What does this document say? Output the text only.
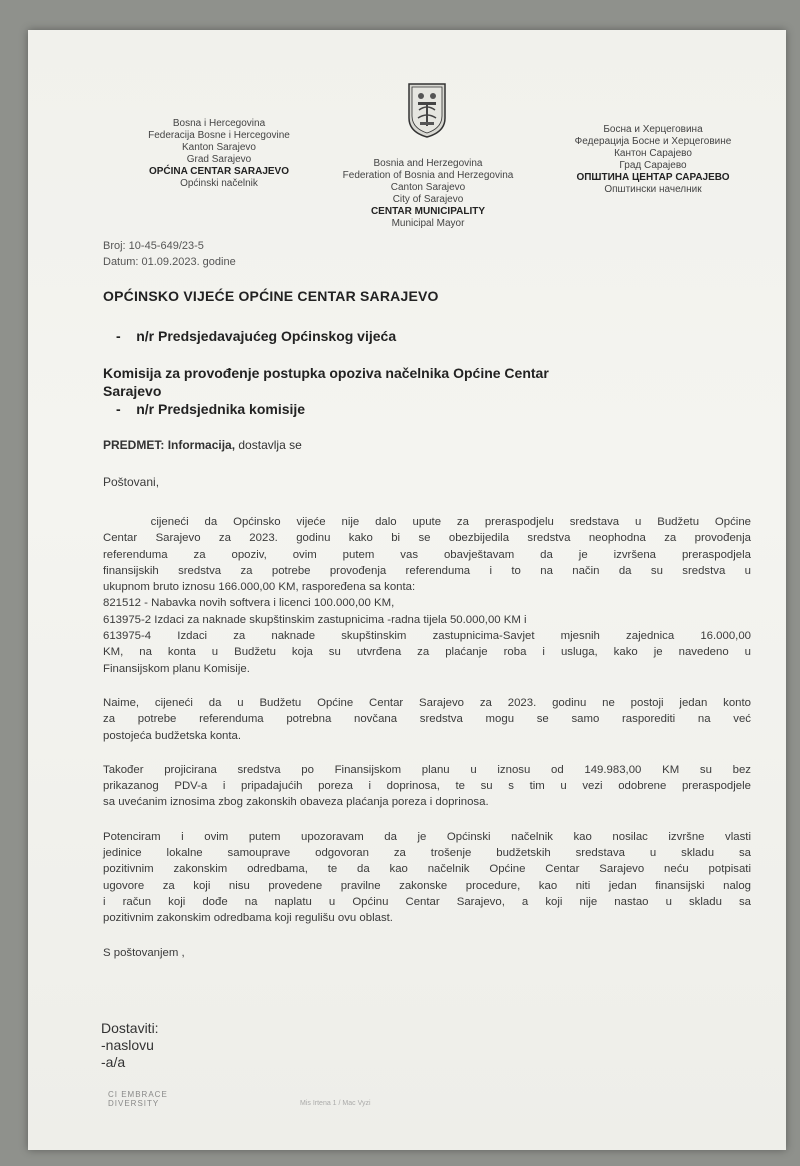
Bosna i Hercegovina
Federacija Bosne i Hercegovine
Kanton Sarajevo
Grad Sarajevo
OPĆINA CENTAR SARAJEVO
Općinski načelnik
Bosnia and Herzegovina
Federation of Bosnia and Herzegovina
Canton Sarajevo
City of Sarajevo
CENTAR MUNICIPALITY
Municipal Mayor
Босна и Херцеговина
Федерација Босне и Херцеговине
Кантон Сарајево
Град Сарајево
ОПШТИНА ЦЕНТАР САРАЈЕВО
Општински начелник
Broj: 10-45-649/23-5
Datum: 01.09.2023. godine
OPĆINSKO VIJEĆE OPĆINE CENTAR SARAJEVO
-    n/r Predsjedavajućeg Općinskog vijeća
Komisija za provođenje postupka opoziva načelnika Općine Centar
Sarajevo
-    n/r Predsjednika komisije
PREDMET: Informacija, dostavlja se
Poštovani,
cijeneći da Općinsko vijeće nije dalo upute za preraspodjelu sredstava u Budžetu Općine
Centar Sarajevo za 2023. godinu kako bi se obezbijedila sredstva neophodna za provođenja
referenduma za opoziv, ovim putem vas obavještavam da je izvršena preraspodjela
finansijskih sredstva za potrebe provođenja referenduma i to na način da su sredstva u
ukupnom bruto iznosu 166.000,00 KM, raspoređena sa konta:
821512 - Nabavka novih softvera i licenci 100.000,00 KM,
613975-2 Izdaci za naknade skupštinskim zastupnicima -radna tijela 50.000,00 KM i
613975-4 Izdaci za naknade skupštinskim zastupnicima-Savjet mjesnih zajednica 16.000,00
KM, na konta u Budžetu koja su utvrđena za plaćanje roba i usluga, kako je navedeno u
Finansijskom planu Komisije.
Naime, cijeneći da u Budžetu Općine Centar Sarajevo za 2023. godinu ne postoji jedan konto
za potrebe referenduma potrebna novčana sredstva mogu se samo rasporediti na već
postojeća budžetska konta.
Također projicirana sredstva po Finansijskom planu u iznosu od 149.983,00 KM su bez
prikazanog PDV-a i pripadajućih poreza i doprinosa, te su s tim u vezi odobrene preraspodjele
sa uvećanim iznosima zbog zakonskih obaveza plaćanja poreza i doprinosa.
Potenciram i ovim putem upozoravam da je Općinski načelnik kao nosilac izvršne vlasti
jedinice lokalne samouprave odgovoran za trošenje budžetskih sredstava u skladu sa
pozitivnim zakonskim odredbama, te da kao načelnik Općine Centar Sarajevo neću potpisati
ugovore za koji nisu provedene pravilne zakonske procedure, kao niti jedan finansijski nalog
i račun koji dođe na naplatu u Općinu Centar Sarajevo, a koji nije nastao u skladu sa
pozitivnim zakonskim odredbama koji regulišu ovu oblast.
S poštovanjem ,
Dostaviti:
-naslovu
-a/a
CI EMBRACE
DIVERSITY	Mis Irtena 1 / Mac Vyzi
